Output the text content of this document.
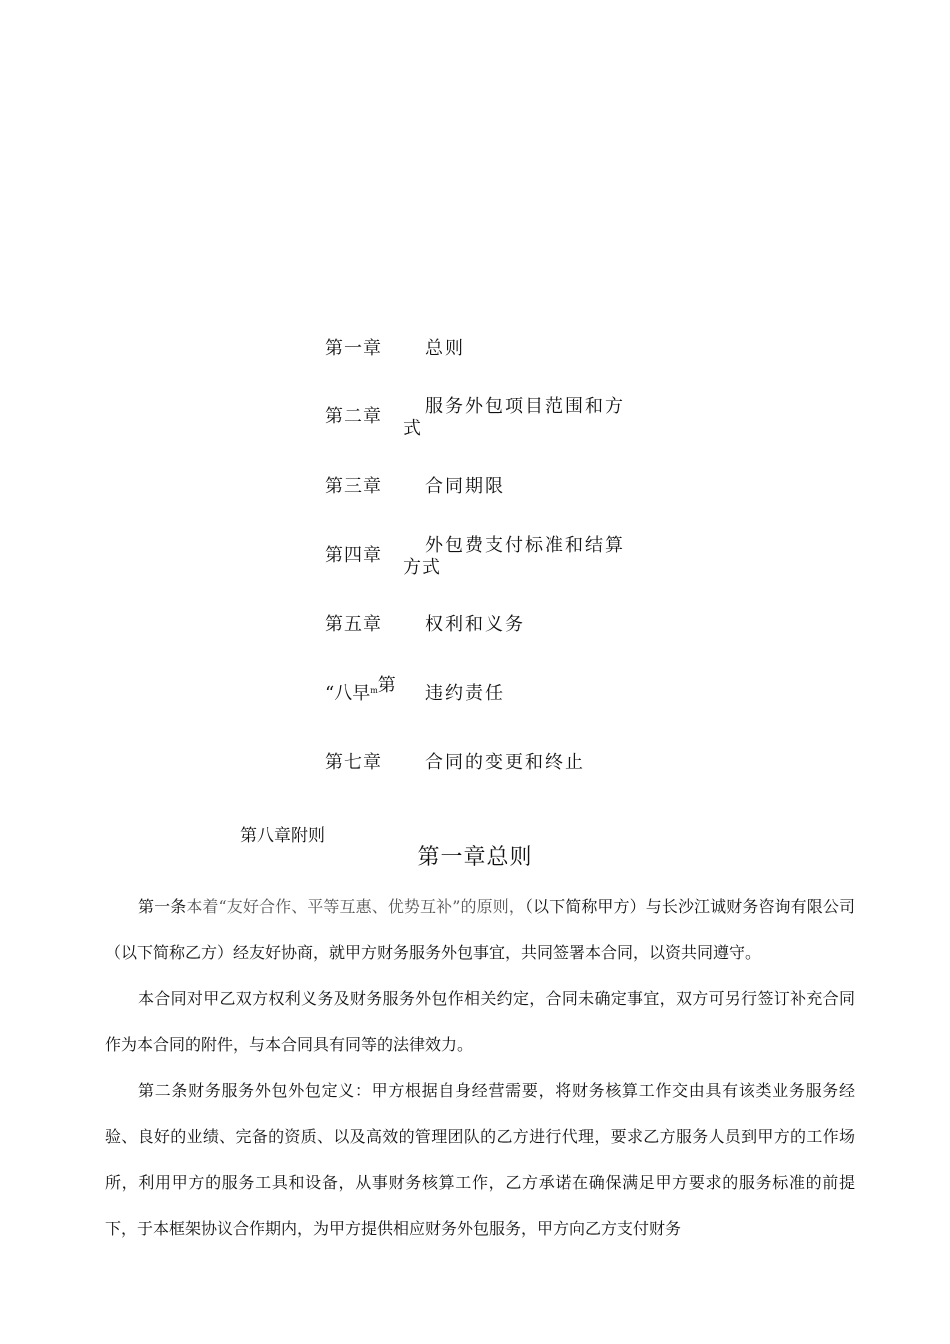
第一章 总则
第二章 服务外包项目范围和方
式
第三章 合同期限
第四章 外包费支付标准和结算
方式
第五章 权利和义务
“八早$^m$第 违约责任
第七章 合同的变更和终止
第八章附则
第一章总则

第一条本着“友好合作、平等互惠、优势互补”的原则，（以下简称甲方）与长沙江诚财务咨询有限公司（以下简称乙方）经友好协商，就甲方财务服务外包事宜，共同签署本合同，以资共同遵守。

本合同对甲乙双方权利义务及财务服务外包作相关约定，合同未确定事宜，双方可另行签订补充合同作为本合同的附件，与本合同具有同等的法律效力。

第二条财务服务外包外包定义：甲方根据自身经营需要，将财务核算工作交由具有该类业务服务经验、良好的业绩、完备的资质、以及高效的管理团队的乙方进行代理，要求乙方服务人员到甲方的工作场所，利用甲方的服务工具和设备，从事财务核算工作，乙方承诺在确保满足甲方要求的服务标准的前提下，于本框架协议合作期内，为甲方提供相应财务外包服务，甲方向乙方支付财务
